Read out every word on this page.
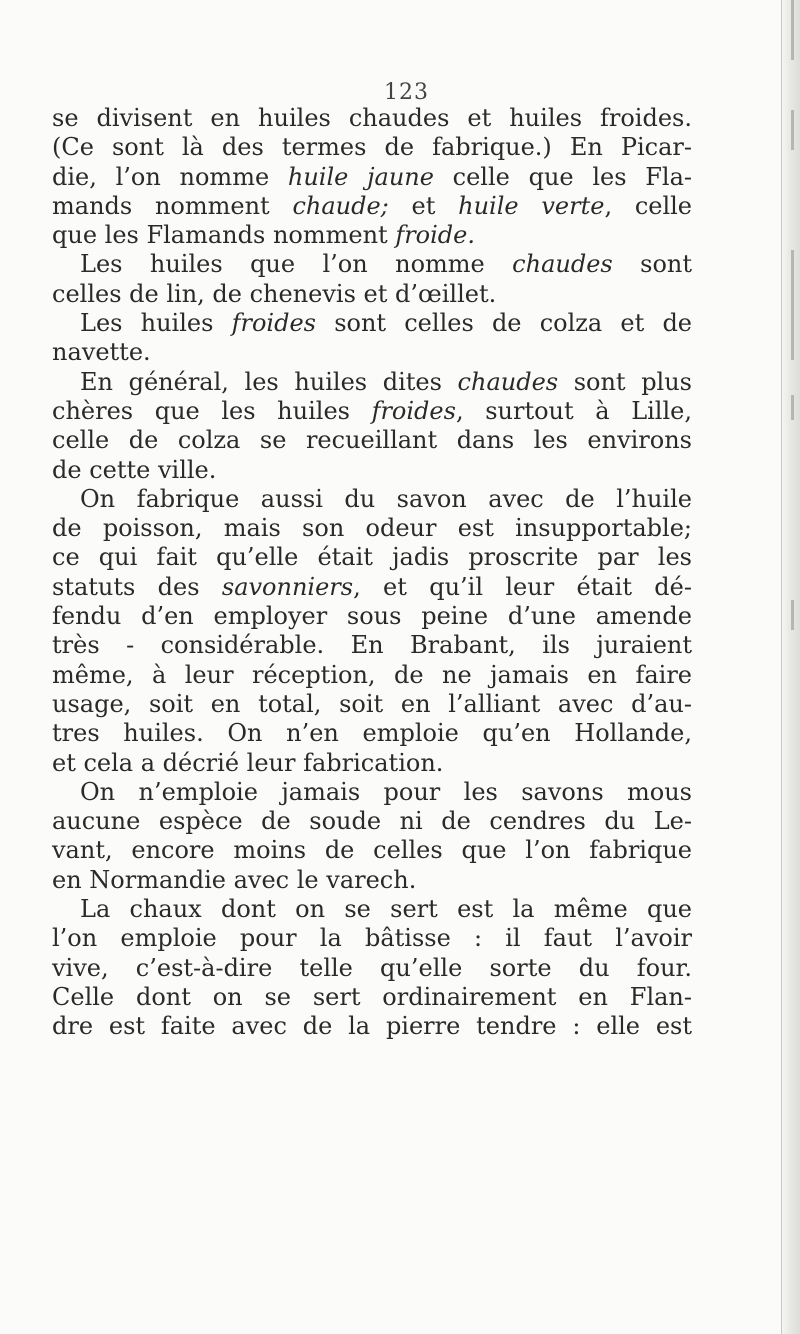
123
se divisent en huiles chaudes et huiles froides.
(Ce sont là des termes de fabrique.) En Picar-
die, l’on nomme huile jaune celle que les Fla-
mands nomment chaude; et huile verte, celle
que les Flamands nomment froide.
Les huiles que l’on nomme chaudes sont
celles de lin, de chenevis et d’œillet.
Les huiles froides sont celles de colza et de
navette.
En général, les huiles dites chaudes sont plus
chères que les huiles froides, surtout à Lille,
celle de colza se recueillant dans les environs
de cette ville.
On fabrique aussi du savon avec de l’huile
de poisson, mais son odeur est insupportable;
ce qui fait qu’elle était jadis proscrite par les
statuts des savonniers, et qu’il leur était dé-
fendu d’en employer sous peine d’une amende
très - considérable. En Brabant, ils juraient
même, à leur réception, de ne jamais en faire
usage, soit en total, soit en l’alliant avec d’au-
tres huiles. On n’en emploie qu’en Hollande,
et cela a décrié leur fabrication.
On n’emploie jamais pour les savons mous
aucune espèce de soude ni de cendres du Le-
vant, encore moins de celles que l’on fabrique
en Normandie avec le varech.
La chaux dont on se sert est la même que
l’on emploie pour la bâtisse : il faut l’avoir
vive, c’est-à-dire telle qu’elle sorte du four.
Celle dont on se sert ordinairement en Flan-
dre est faite avec de la pierre tendre : elle est
